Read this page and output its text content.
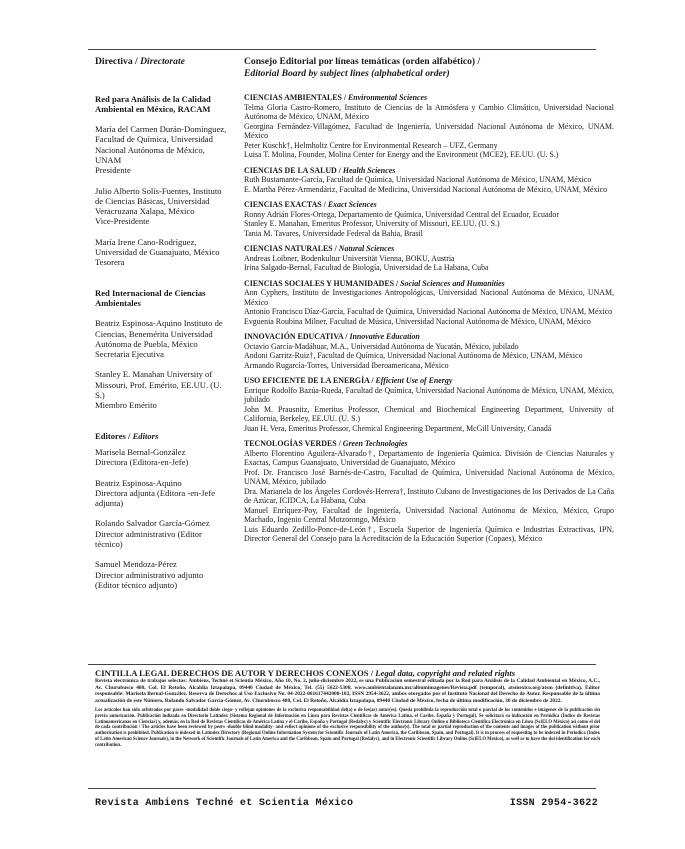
Directiva / Directorate
Red para Análisis de la Calidad Ambiental en México, RACAM
María del Carmen Durán-Domínguez, Facultad de Química, Universidad Nacional Autónoma de México, UNAM
Presidente
Julio Alberto Solís-Fuentes, Instituto de Ciencias Básicas, Universidad Veracruzana Xalapa, México
Vice-Presidente
María Irene Cano-Rodríguez, Universidad de Guanajuato, México
Tesorera
Red Internacional de Ciencias Ambientales
Beatriz Espinosa-Aquino Instituto de Ciencias, Benemérita Universidad Autónoma de Puebla, México
Secretaria Ejecutiva
Stanley E. Manahan University of Missouri, Prof. Emérito, EE.UU. (U. S.)
Miembro Emérito
Editores / Editors
Marisela Bernal-González
Directora (Editora-en-Jefe)
Beatriz Espinosa-Aquino
Directora adjunta (Editora -en-Jefe adjunta)
Rolando Salvador García-Gómez
Director administrativo (Editor técnico)
Samuel Mendoza-Pérez
Director administrativo adjunto (Editor técnico adjunto)
Consejo Editorial por líneas temáticas (orden alfabético) /
Editorial Board by subject lines (alphabetical order)
CIENCIAS AMBIENTALES / Environmental Sciences
Telma Gloria Castro-Romero, Instituto de Ciencias de la Atmósfera y Cambio Climático, Universidad Nacional Autónoma de México, UNAM, México
Georgina Fernández-Villagómez, Facultad de Ingeniería, Universidad Nacional Autónoma de México, UNAM. México
Peter Kuschk†, Helmholtz Centre for Environmental Research – UFZ, Germany
Luisa T. Molina, Founder, Molina Center for Energy and the Environment (MCE2), EE.UU. (U. S.)
CIENCIAS DE LA SALUD / Health Sciences
Ruth Bustamante-García, Facultad de Química, Universidad Nacional Autónoma de México, UNAM, México
E. Martha Pérez-Armendáriz, Facultad de Medicina, Universidad Nacional Autónoma de México, UNAM, México
CIENCIAS EXACTAS / Exact Sciences
Ronny Adrián Flores-Ortega, Departamento de Química, Universidad Central del Ecuador, Ecuador
Stanley E. Manahan, Emeritus Professor, University of Missouri, EE.UU. (U. S.)
Tania M. Tavares, Universidade Federal da Bahia, Brasil
CIENCIAS NATURALES / Natural Sciences
Andreas Loibner, Bodenkultur Universität Vienna, BOKU, Austria
Irina Salgado-Bernal, Facultad de Biología, Universidad de La Habana, Cuba
CIENCIAS SOCIALES Y HUMANIDADES / Social Sciences and Humanities
Ann Cyphers, Instituto de Investigaciones Antropológicas, Universidad Nacional Autónoma de México, UNAM, México
Antonio Francisco Díaz-García, Facultad de Química, Universidad Nacional Autónoma de México, UNAM, México
Evguenia Roubina Milner, Facultad de Música, Universidad Nacional Autónoma de México, UNAM, México
INNOVACIÓN EDUCATIVA / Innovative Education
Octavio García-Madáhuar, M.A., Universidad Autónoma de Yucatán, México, jubilado
Andoni Garritz-Ruiz†, Facultad de Química, Universidad Nacional Autónoma de México, UNAM, México
Armando Rugarcía-Torres, Universidad Iberoamericana, México
USO EFICIENTE DE LA ENERGÍA / Efficient Use of Energy
Enrique Rodolfo Bazúa-Rueda, Facultad de Química, Universidad Nacional Autónoma de México, UNAM, México, jubilado
John M. Prausnitz, Emeritus Professor, Chemical and Biochemical Engineering Department, University of California, Berkeley, EE.UU. (U. S.)
Juan H. Vera, Emeritus Professor, Chemical Engineering Department, McGill University, Canadá
TECNOLOGÍAS VERDES / Green Technologies
Alberto Florentino Aguilera-Alvarado†, Departamento de Ingeniería Química. División de Ciencias Naturales y Exactas, Campus Guanajuato, Universidad de Guanajuato, México
Prof. Dr. Francisco José Barnés-de-Castro, Facultad de Química, Universidad Nacional Autónoma de México, UNAM, México, jubilado
Dra. Marianela de los Ángeles Cordovés-Herrera†, Instituto Cubano de Investigaciones de los Derivados de La Caña de Azúcar, ICIDCA, La Habana, Cuba
Manuel Enríquez-Poy, Facultad de Ingeniería, Universidad Nacional Autónoma de México, México, Grupo Machado, Ingenio Central Motzorongo, México
Luis Eduardo Zedillo-Ponce-de-León†, Escuela Superior de Ingeniería Química e Industrias Extractivas, IPN, Director General del Consejo para la Acreditación de la Educación Superior (Copaes), México
CINTILLA LEGAL DERECHOS DE AUTOR Y DERECHOS CONEXOS / Legal data, copyright and related rights
Revista electrónica de trabajos selectos: Ambiens, Techné et Scientia México, Año 10, No. 2, julio-diciembre 2022, es una Publicación semestral editada por la Red para Análisis de la Calidad Ambiental en México, A.C., Av. Churubusco 480, Col. El Retoño, Alcaldía Iztapalapa, 09440 Ciudad de México, Tel. (55) 5622-5300, www.ambientalanam.mx/albumimagenes/Revista.pdf (temporal), atsmexico.org/atsm (definitiva). Editor responsable: Marisela Bernal-González. Reserva de Derechos al Uso Exclusivo No. 04-2022-061617442000-102, ISSN 2954-3622, ambos otorgados por el Instituto Nacional del Derecho de Autor. Responsable de la última actualización de este Número, Rolando Salvador García-Gómez, Av. Churubusco 480, Col. El Retoño, Alcaldía Iztapalapa, 09440 Ciudad de México, fecha de última modificación, 30 de diciembre de 2022.
Los artículos han sido arbitrados por pares -modalidad doble ciego- y reflejan opiniones de la exclusiva responsabilidad del(a) o de los(as) autor(es). Queda prohibida la reproducción total o parcial de los contenidos e imágenes de la publicación sin previa autorización. Publicación indizada en Directorio Latindex (Sistema Regional de Información en Línea para Revistas Científicas de América Latina, el Caribe, España y Portugal). Se solicitará su indización en Periódica (Índice de Revistas Latinoamericanas en Ciencias) y, además, en la Red de Revistas Científicas de América Latina y el Caribe, España y Portugal (Redalyc) y Scientific Electronic Library Online o Biblioteca Científica Electrónica en Línea (SciELO México) así como el del de cada contribución / The articles have been reviewed by peers -double blind modality- and reflect opinions of the exclusive responsibility of the author(s). The total or partial reproduction of the contents and images of the publication without prior authorization is prohibited. Publication is indexed in Latindex Directory (Regional Online Information System for Scientific Journals of Latin America, the Caribbean, Spain, and Portugal). It is in process of requesting to be indexed in Periodica (Index of Latin American Science Journals), in the Network of Scientific Journals of Latin America and the Caribbean, Spain and Portugal (Redalyc), and in Electronic Scientific Library Online (SciELO Mexico), as well as to have the doi identification for each contribution.
Revista Ambiens Techné et Scientia México	ISSN 2954-3622
